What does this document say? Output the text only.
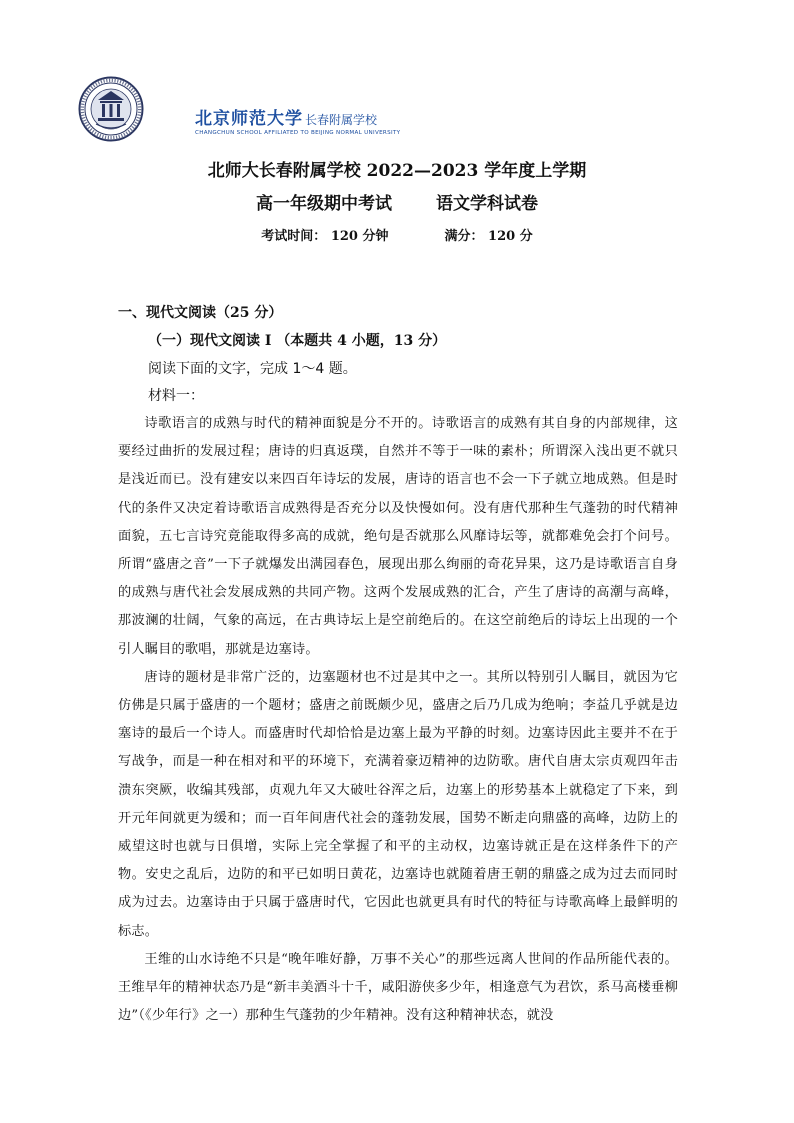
北京师范大学 长春附属学校
CHANGCHUN SCHOOL AFFILIATED TO BEIJING NORMAL UNIVERSITY
北师大长春附属学校 2022—2023 学年度上学期
高一年级期中考试	语文学科试卷
考试时间： 120 分钟	满分： 120 分
一、现代文阅读（25 分）
（一）现代文阅读 I （本题共 4 小题，13 分）
阅读下面的文字，完成 1～4 题。
材料一：

诗歌语言的成熟与时代的精神面貌是分不开的。诗歌语言的成熟有其自身的内部规律，这要经过曲折的发展过程；唐诗的归真返璞，自然并不等于一味的素朴；所谓深入浅出更不就只是浅近而已。没有建安以来四百年诗坛的发展，唐诗的语言也不会一下子就立地成熟。但是时代的条件又决定着诗歌语言成熟得是否充分以及快慢如何。没有唐代那种生气蓬勃的时代精神面貌，五七言诗究竟能取得多高的成就，绝句是否就那么风靡诗坛等，就都难免会打个问号。所谓“盛唐之音”一下子就爆发出满园春色，展现出那么绚丽的奇花异果，这乃是诗歌语言自身的成熟与唐代社会发展成熟的共同产物。这两个发展成熟的汇合，产生了唐诗的高潮与高峰，那波澜的壮阔，气象的高远，在古典诗坛上是空前绝后的。在这空前绝后的诗坛上出现的一个引人瞩目的歌唱，那就是边塞诗。

唐诗的题材是非常广泛的，边塞题材也不过是其中之一。其所以特别引人瞩目，就因为它仿佛是只属于盛唐的一个题材；盛唐之前既颇少见，盛唐之后乃几成为绝响；李益几乎就是边塞诗的最后一个诗人。而盛唐时代却恰恰是边塞上最为平静的时刻。边塞诗因此主要并不在于写战争，而是一种在相对和平的环境下，充满着豪迈精神的边防歌。唐代自唐太宗贞观四年击溃东突厥，收编其残部，贞观九年又大破吐谷浑之后，边塞上的形势基本上就稳定了下来，到开元年间就更为缓和；而一百年间唐代社会的蓬勃发展，国势不断走向鼎盛的高峰，边防上的威望这时也就与日俱增，实际上完全掌握了和平的主动权，边塞诗就正是在这样条件下的产物。安史之乱后，边防的和平已如明日黄花，边塞诗也就随着唐王朝的鼎盛之成为过去而同时成为过去。边塞诗由于只属于盛唐时代，它因此也就更具有时代的特征与诗歌高峰上最鲜明的标志。

王维的山水诗绝不只是“晚年唯好静，万事不关心”的那些远离人世间的作品所能代表的。王维早年的精神状态乃是“新丰美酒斗十千，咸阳游侠多少年，相逢意气为君饮，系马高楼垂柳边”（《少年行》之一）那种生气蓬勃的少年精神。没有这种精神状态，就没
